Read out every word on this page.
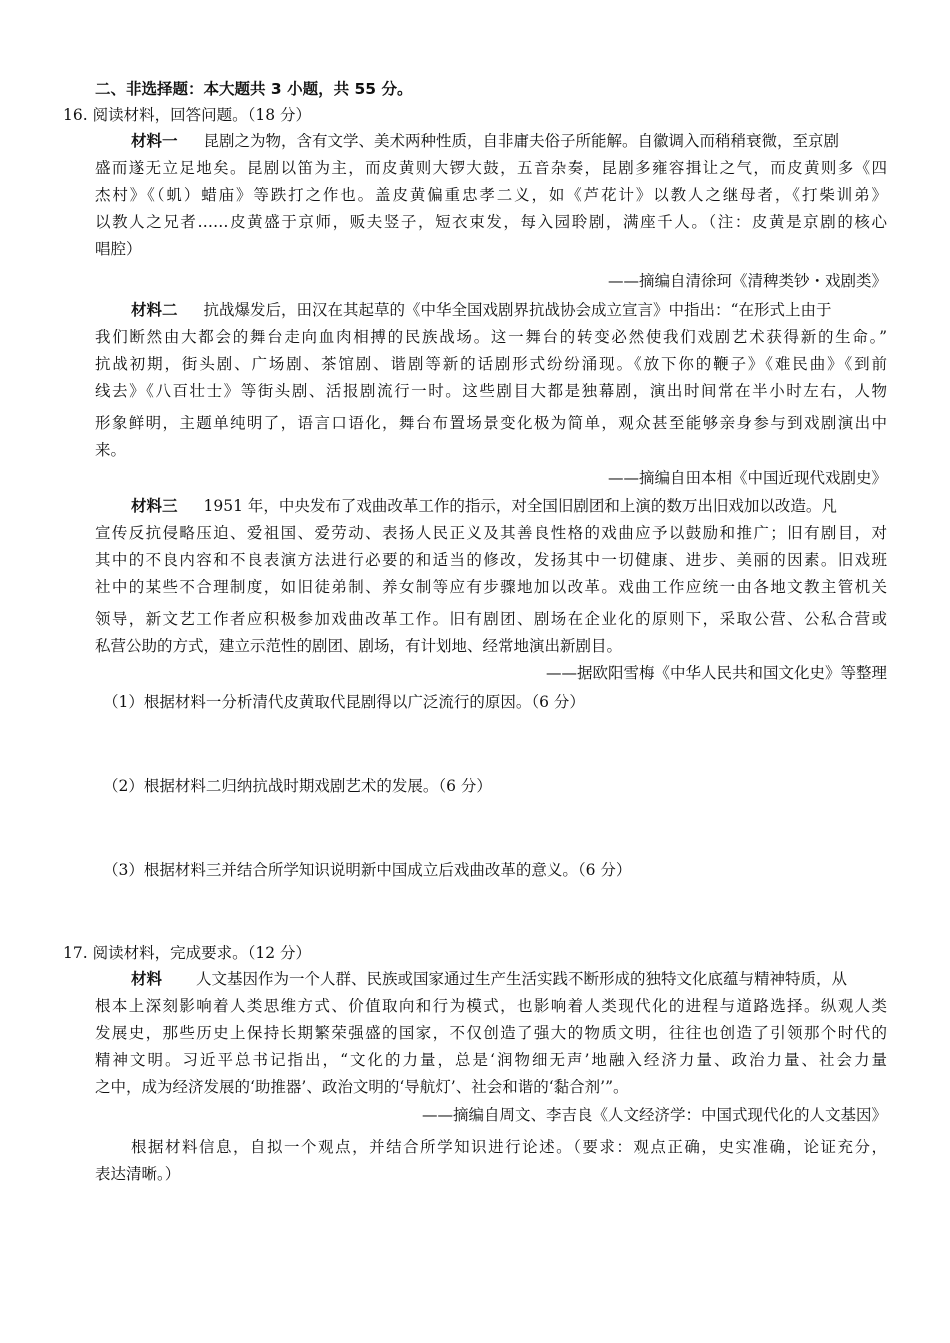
二、非选择题：本大题共 3 小题，共 55 分。
16. 阅读材料，回答问题。（18 分）
材料一 昆剧之为物，含有文学、美术两种性质，自非庸夫俗子所能解。自徽调入而稍稍衰微，至京剧
盛而遂无立足地矣。昆剧以笛为主，而皮黄则大锣大鼓，五音杂奏，昆剧多雍容揖让之气，而皮黄则多《四
杰村》《（虮）蜡庙》等跌打之作也。盖皮黄偏重忠孝二义，如《芦花计》以教人之继母者，《打柴训弟》
以教人之兄者……皮黄盛于京师，贩夫竖子，短衣束发，每入园聆剧，满座千人。（注：皮黄是京剧的核心
唱腔）
——摘编自清徐珂《清稗类钞・戏剧类》
材料二 抗战爆发后，田汉在其起草的《中华全国戏剧界抗战协会成立宣言》中指出：“在形式上由于
我们断然由大都会的舞台走向血肉相搏的民族战场。这一舞台的转变必然使我们戏剧艺术获得新的生命。”
抗战初期，街头剧、广场剧、茶馆剧、谐剧等新的话剧形式纷纷涌现。《放下你的鞭子》《难民曲》《到前
线去》《八百壮士》等街头剧、活报剧流行一时。这些剧目大都是独幕剧，演出时间常在半小时左右，人物
形象鲜明，主题单纯明了，语言口语化，舞台布置场景变化极为简单，观众甚至能够亲身参与到戏剧演出中
来。
——摘编自田本相《中国近现代戏剧史》
材料三 1951 年，中央发布了戏曲改革工作的指示，对全国旧剧团和上演的数万出旧戏加以改造。凡
宣传反抗侵略压迫、爱祖国、爱劳动、表扬人民正义及其善良性格的戏曲应予以鼓励和推广；旧有剧目，对
其中的不良内容和不良表演方法进行必要的和适当的修改，发扬其中一切健康、进步、美丽的因素。旧戏班
社中的某些不合理制度，如旧徒弟制、养女制等应有步骤地加以改革。戏曲工作应统一由各地文教主管机关
领导，新文艺工作者应积极参加戏曲改革工作。旧有剧团、剧场在企业化的原则下，采取公营、公私合营或
私营公助的方式，建立示范性的剧团、剧场，有计划地、经常地演出新剧目。
——据欧阳雪梅《中华人民共和国文化史》等整理
（1）根据材料一分析清代皮黄取代昆剧得以广泛流行的原因。（6 分）
（2）根据材料二归纳抗战时期戏剧艺术的发展。（6 分）
（3）根据材料三并结合所学知识说明新中国成立后戏曲改革的意义。（6 分）
17. 阅读材料，完成要求。（12 分）
材料 人文基因作为一个人群、民族或国家通过生产生活实践不断形成的独特文化底蕴与精神特质，从
根本上深刻影响着人类思维方式、价值取向和行为模式，也影响着人类现代化的进程与道路选择。纵观人类
发展史，那些历史上保持长期繁荣强盛的国家，不仅创造了强大的物质文明，往往也创造了引领那个时代的
精神文明。习近平总书记指出，“文化的力量，总是‘润物细无声’地融入经济力量、政治力量、社会力量
之中，成为经济发展的‘助推器’、政治文明的‘导航灯’、社会和谐的‘黏合剂’”。
——摘编自周文、李吉良《人文经济学：中国式现代化的人文基因》
根据材料信息，自拟一个观点，并结合所学知识进行论述。（要求：观点正确，史实准确，论证充分，
表达清晰。）
